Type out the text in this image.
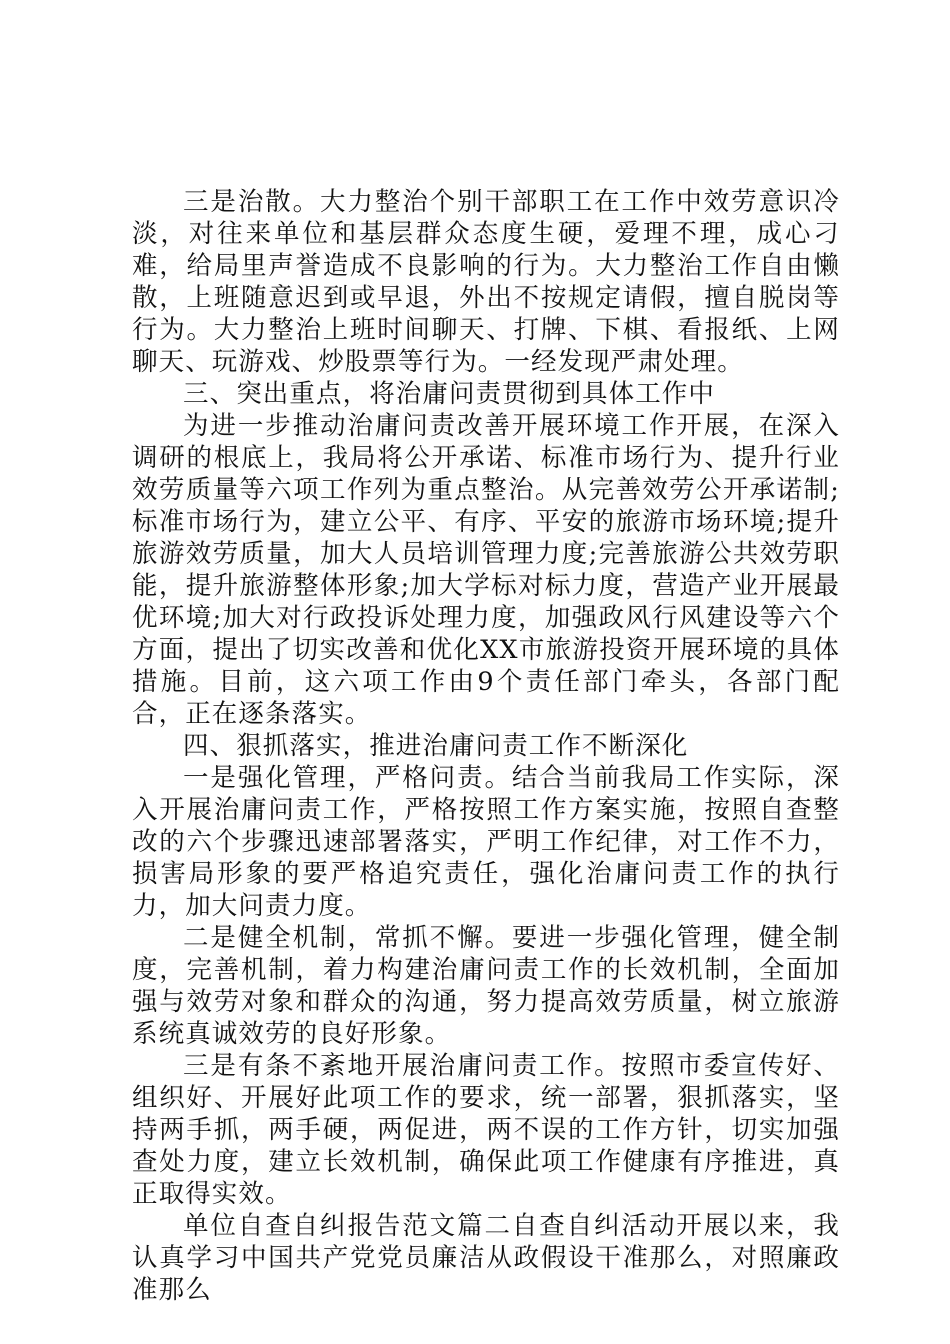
三是治散。大力整治个别干部职工在工作中效劳意识冷淡，对往来单位和基层群众态度生硬，爱理不理，成心刁难，给局里声誉造成不良影响的行为。大力整治工作自由懒散，上班随意迟到或早退，外出不按规定请假，擅自脱岗等行为。大力整治上班时间聊天、打牌、下棋、看报纸、上网聊天、玩游戏、炒股票等行为。一经发现严肃处理。

三、突出重点，将治庸问责贯彻到具体工作中

为进一步推动治庸问责改善开展环境工作开展，在深入调研的根底上，我局将公开承诺、标准市场行为、提升行业效劳质量等六项工作列为重点整治。从完善效劳公开承诺制;标准市场行为，建立公平、有序、平安的旅游市场环境;提升旅游效劳质量，加大人员培训管理力度;完善旅游公共效劳职能，提升旅游整体形象;加大学标对标力度，营造产业开展最优环境;加大对行政投诉处理力度，加强政风行风建设等六个方面，提出了切实改善和优化XX市旅游投资开展环境的具体措施。目前，这六项工作由9个责任部门牵头，各部门配合，正在逐条落实。

四、狠抓落实，推进治庸问责工作不断深化

一是强化管理，严格问责。结合当前我局工作实际，深入开展治庸问责工作，严格按照工作方案实施，按照自查整改的六个步骤迅速部署落实，严明工作纪律，对工作不力，损害局形象的要严格追究责任，强化治庸问责工作的执行力，加大问责力度。

二是健全机制，常抓不懈。要进一步强化管理，健全制度，完善机制，着力构建治庸问责工作的长效机制，全面加强与效劳对象和群众的沟通，努力提高效劳质量，树立旅游系统真诚效劳的良好形象。

三是有条不紊地开展治庸问责工作。按照市委宣传好、组织好、开展好此项工作的要求，统一部署，狠抓落实，坚持两手抓，两手硬，两促进，两不误的工作方针，切实加强查处力度，建立长效机制，确保此项工作健康有序推进，真正取得实效。

单位自查自纠报告范文篇二自查自纠活动开展以来，我认真学习中国共产党党员廉洁从政假设干准那么，对照廉政准那么
